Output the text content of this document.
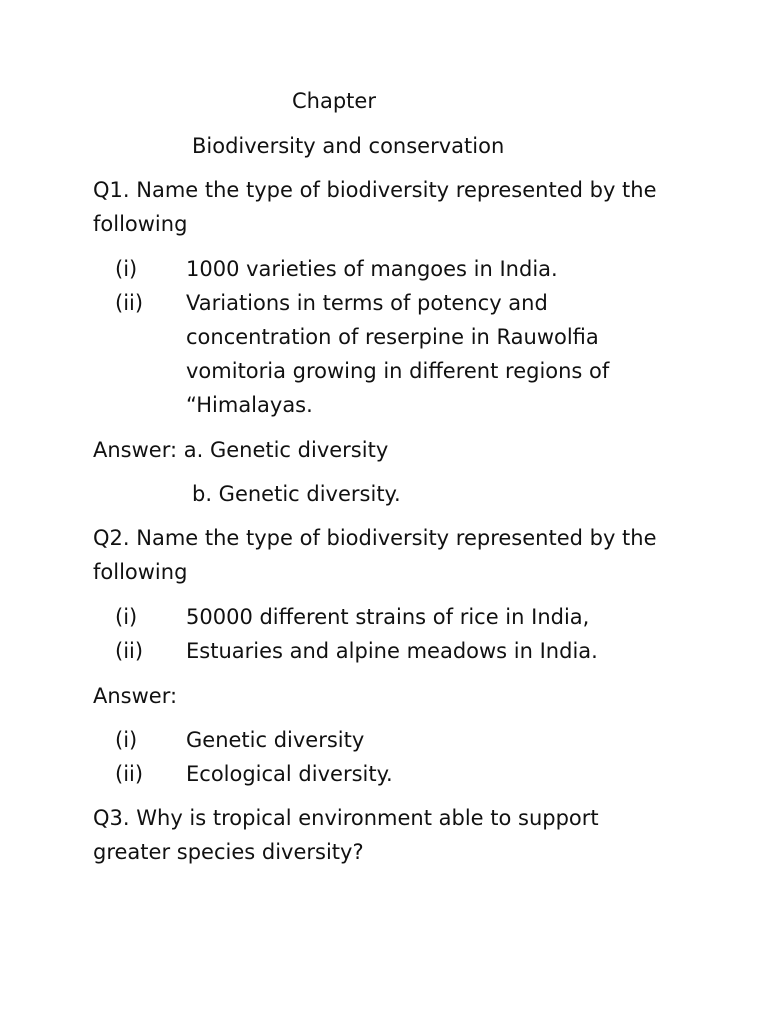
Chapter
Biodiversity and conservation
Q1. Name the type of biodiversity represented by the following
(i) 1000 varieties of mangoes in India.
(ii) Variations in terms of potency and concentration of reserpine in Rauwolfia vomitoria growing in different regions of “Himalayas.
Answer: a. Genetic diversity
b. Genetic diversity.
Q2. Name the type of biodiversity represented by the following
(i) 50000 different strains of rice in India,
(ii) Estuaries and alpine meadows in India.
Answer:
(i) Genetic diversity
(ii) Ecological diversity.
Q3. Why is tropical environment able to support greater species diversity?
